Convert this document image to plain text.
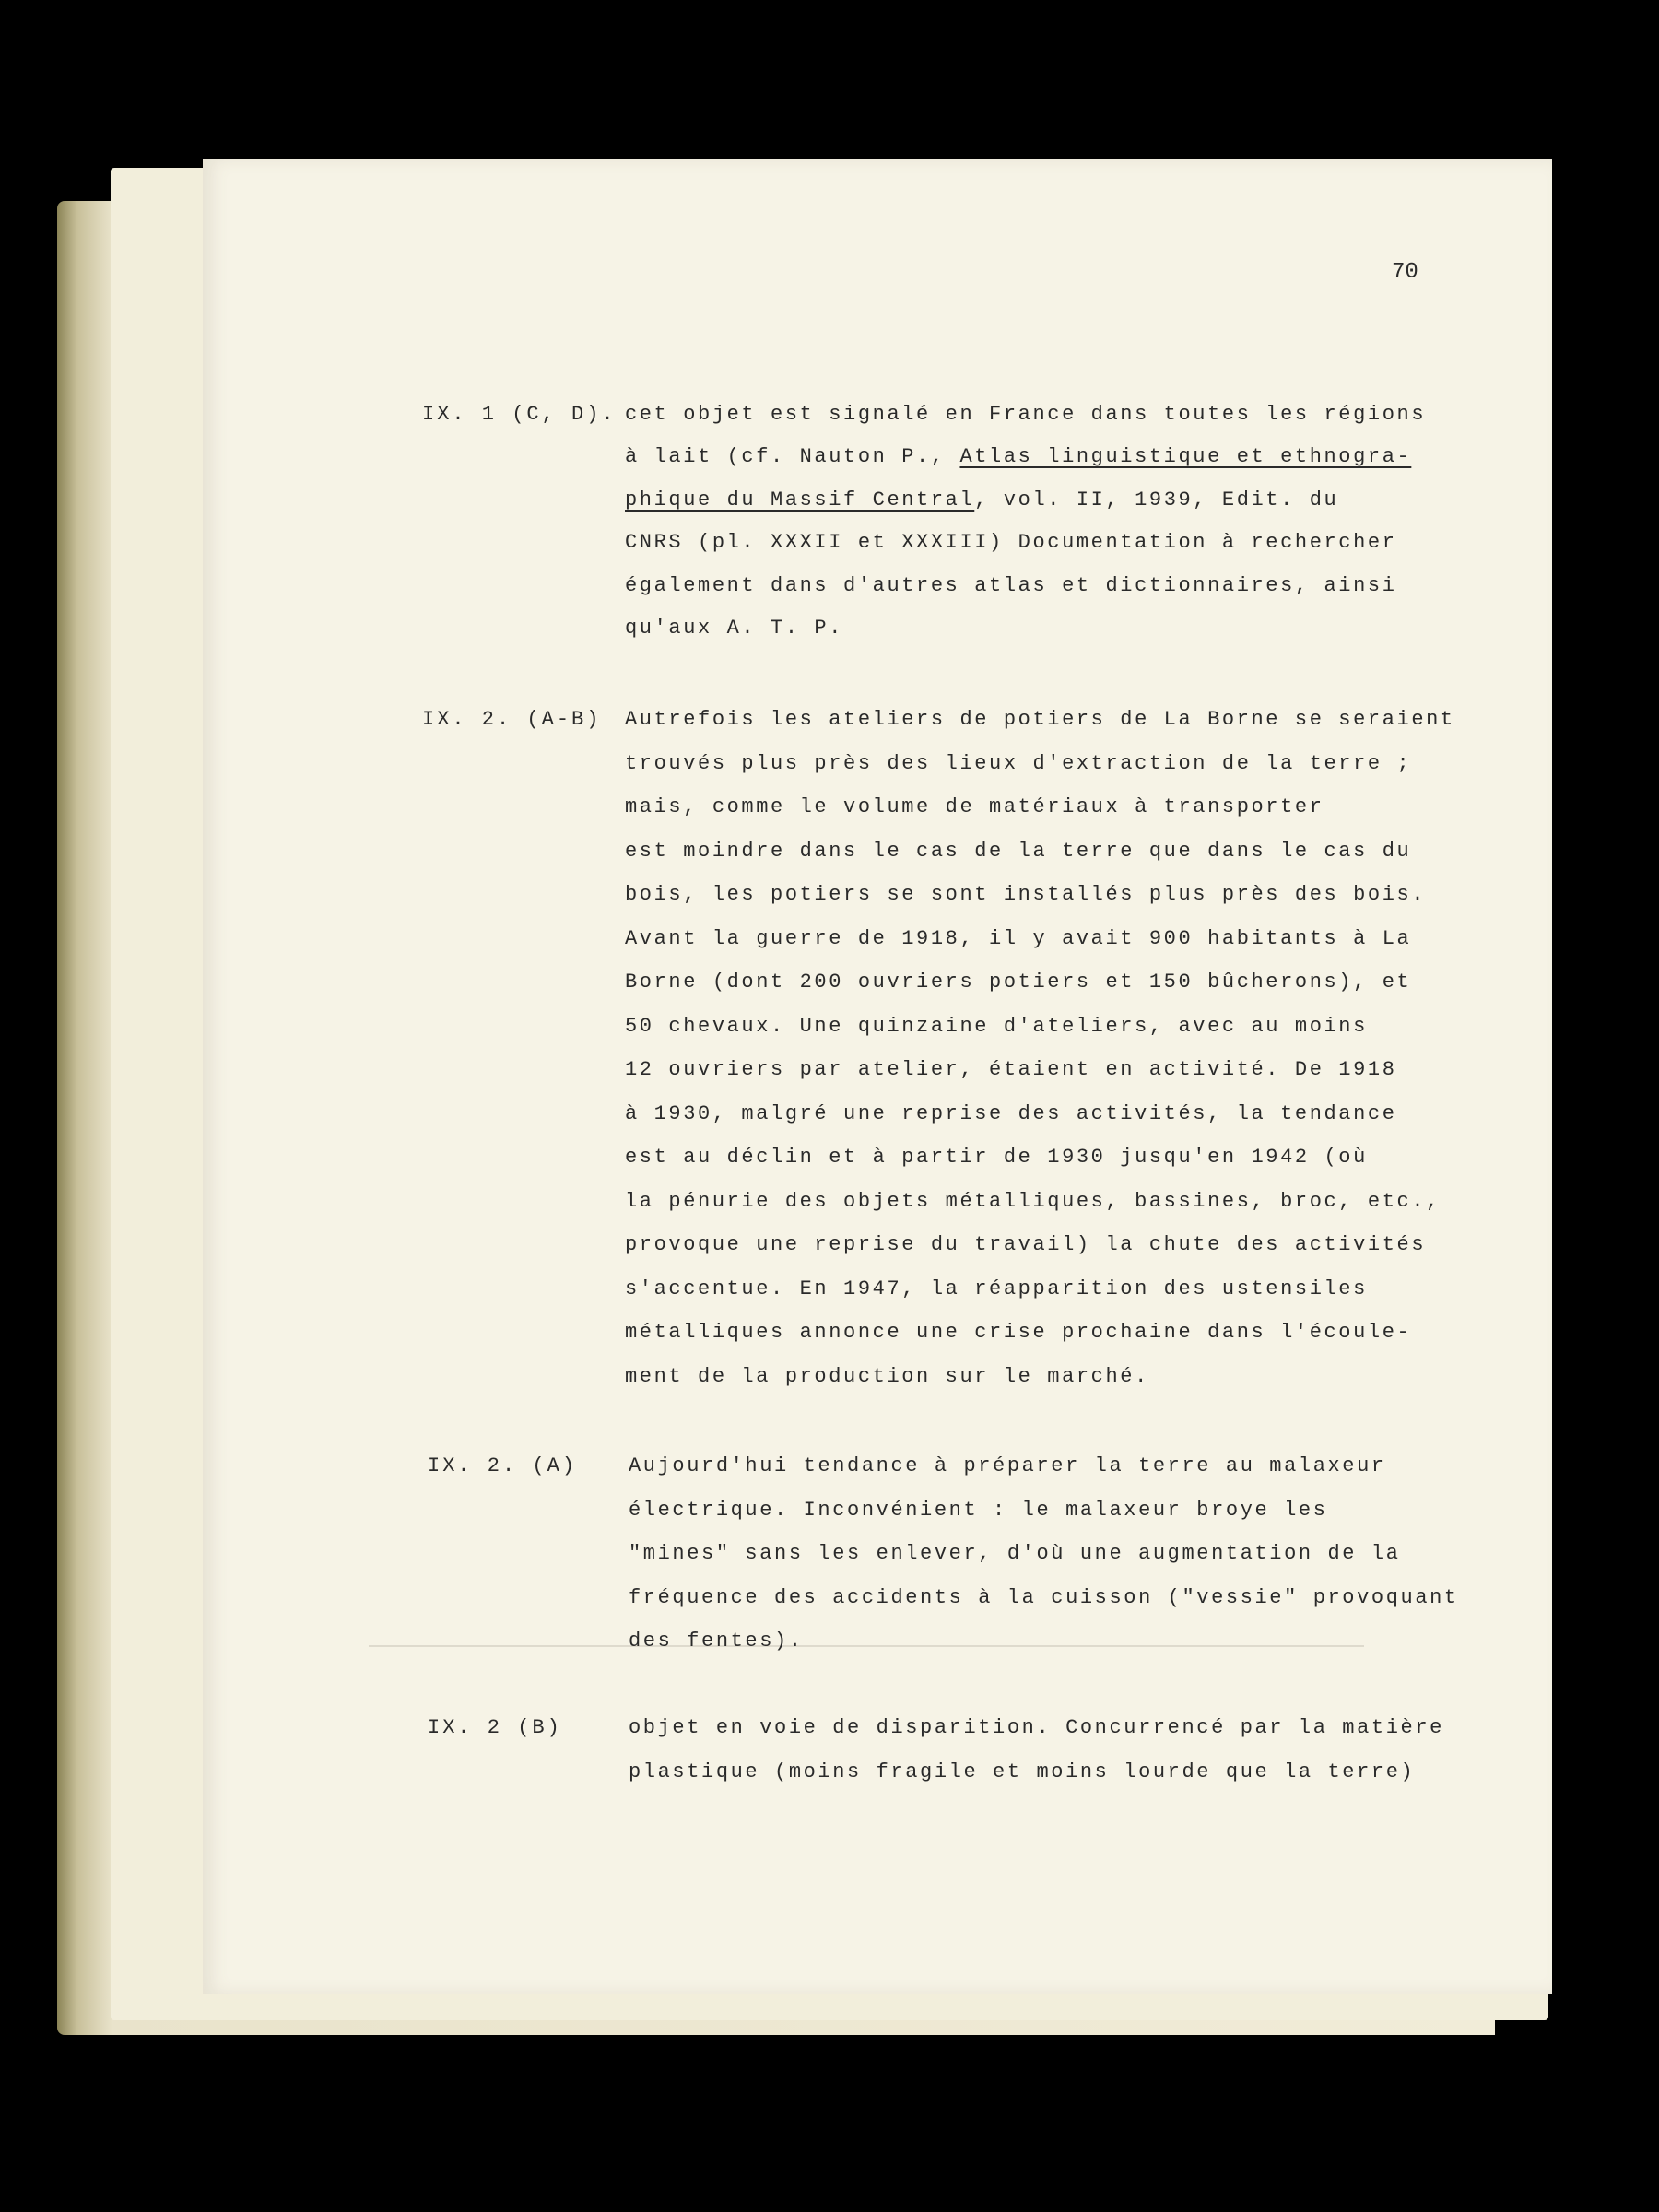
70
IX. 1 (C, D). cet objet est signalé en France dans toutes les régions
à lait (cf. Nauton P., Atlas linguistique et ethnogra-
phique du Massif Central, vol. II, 1939, Edit. du
CNRS (pl. XXXII et XXXIII) Documentation à rechercher
également dans d'autres atlas et dictionnaires, ainsi
qu'aux A. T. P.
IX. 2. (A-B) Autrefois les ateliers de potiers de La Borne se seraient
trouvés plus près des lieux d'extraction de la terre ;
mais, comme le volume de matériaux à transporter
est moindre dans le cas de la terre que dans le cas du
bois, les potiers se sont installés plus près des bois.
Avant la guerre de 1918, il y avait 900 habitants à La
Borne (dont 200 ouvriers potiers et 150 bûcherons), et
50 chevaux. Une quinzaine d'ateliers, avec au moins
12 ouvriers par atelier, étaient en activité. De 1918
à 1930, malgré une reprise des activités, la tendance
est au déclin et à partir de 1930 jusqu'en 1942 (où
la pénurie des objets métalliques, bassines, broc, etc.,
provoque une reprise du travail) la chute des activités
s'accentue. En 1947, la réapparition des ustensiles
métalliques annonce une crise prochaine dans l'écoule-
ment de la production sur le marché.
IX. 2. (A)	Aujourd'hui tendance à préparer la terre au malaxeur
électrique. Inconvénient : le malaxeur broye les
"mines" sans les enlever, d'où une augmentation de la
fréquence des accidents à la cuisson ("vessie" provoquant
des fentes).
IX. 2 (B)	objet en voie de disparition. Concurrencé par la matière
plastique (moins fragile et moins lourde que la terre)
